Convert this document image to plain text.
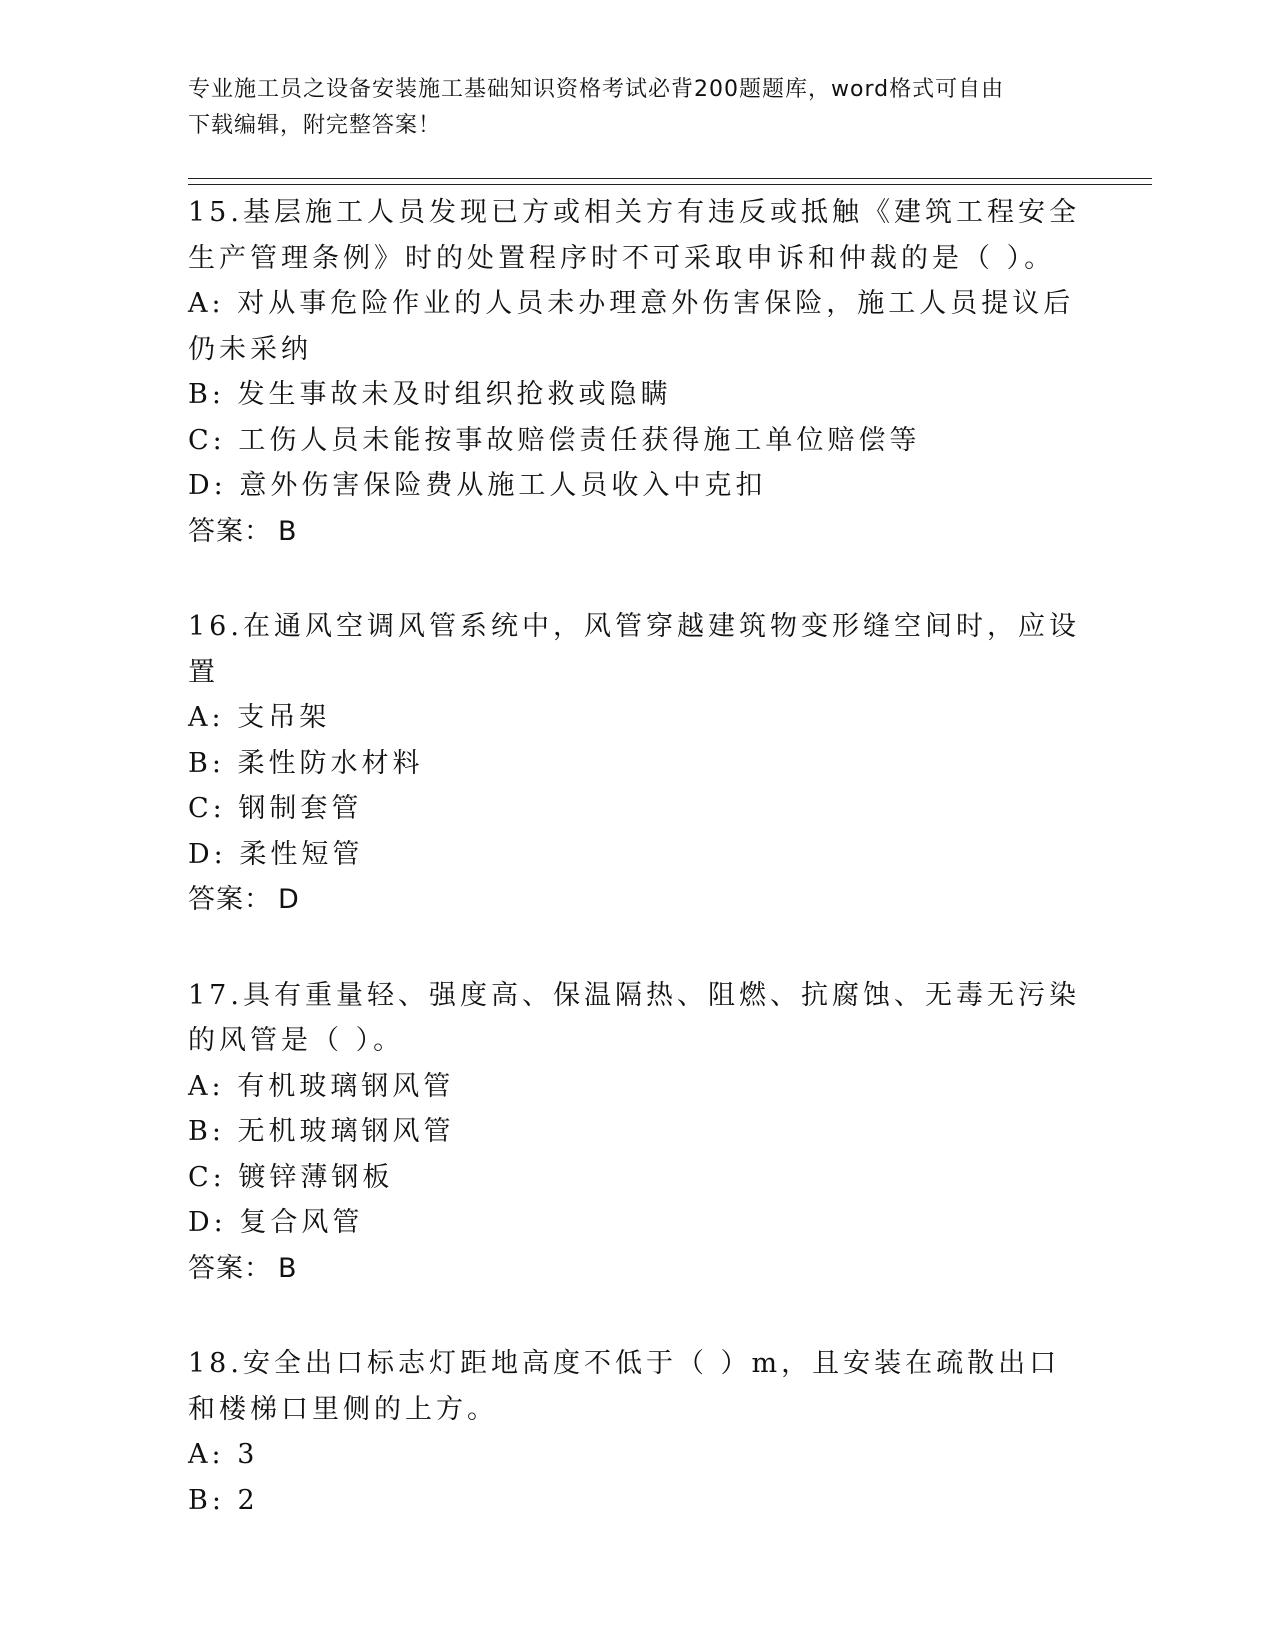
专业施工员之设备安装施工基础知识资格考试必背200题题库，word格式可自由
下载编辑，附完整答案！

15.基层施工人员发现已方或相关方有违反或抵触《建筑工程安全生产管理条例》时的处置程序时不可采取申诉和仲裁的是（ ）。

A: 对从事危险作业的人员未办理意外伤害保险，施工人员提议后仍未采纳

B: 发生事故未及时组织抢救或隐瞒

C: 工伤人员未能按事故赔偿责任获得施工单位赔偿等

D: 意外伤害保险费从施工人员收入中克扣

答案： B

16.在通风空调风管系统中，风管穿越建筑物变形缝空间时，应设置

A: 支吊架

B: 柔性防水材料

C: 钢制套管

D: 柔性短管

答案： D

17.具有重量轻、强度高、保温隔热、阻燃、抗腐蚀、无毒无污染的风管是（ ）。

A: 有机玻璃钢风管

B: 无机玻璃钢风管

C: 镀锌薄钢板

D: 复合风管

答案： B

18.安全出口标志灯距地高度不低于（ ）m，且安装在疏散出口和楼梯口里侧的上方。

A: 3

B: 2
